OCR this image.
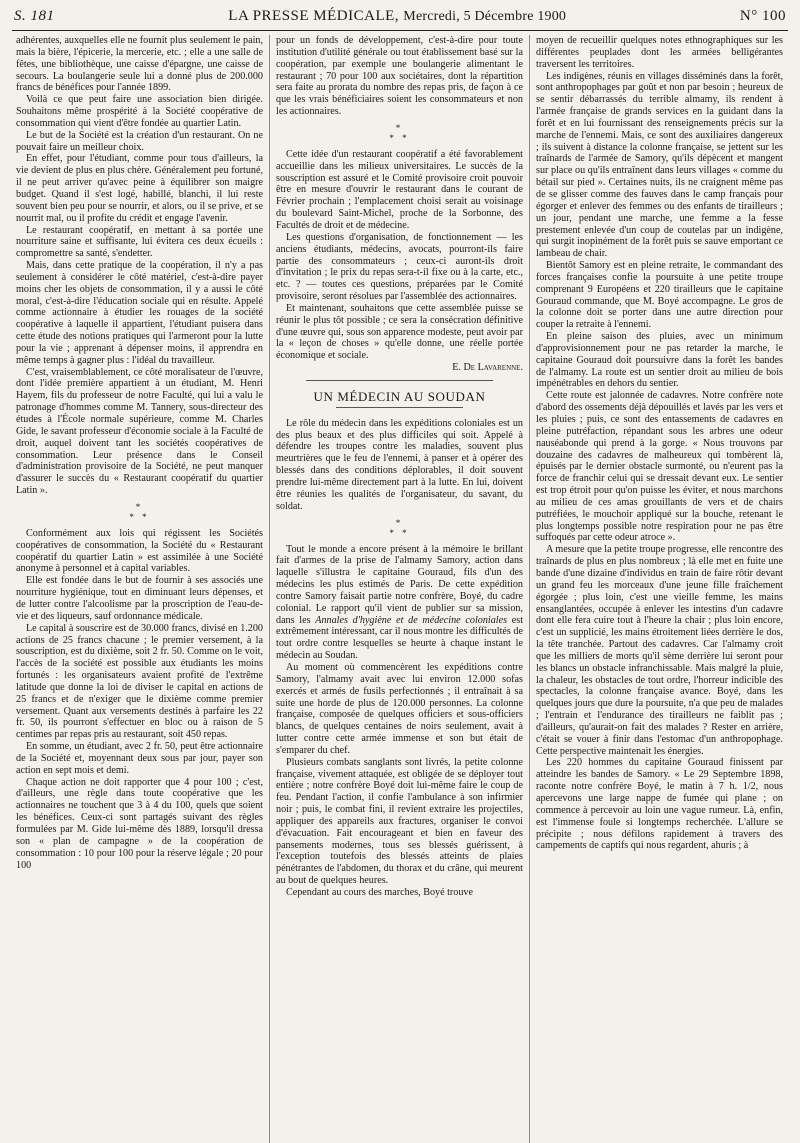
S. 181	LA PRESSE MÉDICALE, Mercredi, 5 Décembre 1900	N° 100

adhérentes, auxquelles elle ne fournit plus seulement le pain, mais la bière, l'épicerie, la mercerie, etc. ; elle a une salle de fêtes, une bibliothèque, une caisse d'épargne, une caisse de secours. La boulangerie seule lui a donné plus de 200.000 francs de bénéfices pour l'année 1899.

Voilà ce que peut faire une association bien dirigée. Souhaitons même prospérité à la Société coopérative de consommation qui vient d'être fondée au quartier Latin.

Le but de la Société est la création d'un restaurant. On ne pouvait faire un meilleur choix.

En effet, pour l'étudiant, comme pour tous d'ailleurs, la vie devient de plus en plus chère. Généralement peu fortuné, il ne peut arriver qu'avec peine à équilibrer son maigre budget. Quand il s'est logé, habillé, blanchi, il lui reste souvent bien peu pour se nourrir, et alors, ou il se prive, et se nourrit mal, ou il profite du crédit et engage l'avenir.

Le restaurant coopératif, en mettant à sa portée une nourriture saine et suffisante, lui évitera ces deux écueils : compromettre sa santé, s'endetter.

Mais, dans cette pratique de la coopération, il n'y a pas seulement à considérer le côté matériel, c'est-à-dire payer moins cher les objets de consommation, il y a aussi le côté moral, c'est-à-dire l'éducation sociale qui en résulte. Appelé comme actionnaire à étudier les rouages de la société coopérative à laquelle il appartient, l'étudiant puisera dans cette étude des notions pratiques qui l'armeront pour la lutte pour la vie ; apprenant à dépenser moins, il apprendra en même temps à gagner plus : l'idéal du travailleur.

C'est, vraisemblablement, ce côté moralisateur de l'œuvre, dont l'idée première appartient à un étudiant, M. Henri Hayem, fils du professeur de notre Faculté, qui lui a valu le patronage d'hommes comme M. Tannery, sous-directeur des études à l'École normale supérieure, comme M. Charles Gide, le savant professeur d'économie sociale à la Faculté de droit, auquel doivent tant les sociétés coopératives de consommation. Leur présence dans le Conseil d'administration provisoire de la Société, ne peut manquer d'assurer le succès du « Restaurant coopératif du quartier Latin ».

*
* *

Conformément aux lois qui régissent les Sociétés coopératives de consommation, la Société du « Restaurant coopératif du quartier Latin » est assimilée à une Société anonyme à personnel et à capital variables.

Elle est fondée dans le but de fournir à ses associés une nourriture hygiénique, tout en diminuant leurs dépenses, et de lutter contre l'alcoolisme par la proscription de l'eau-de-vie et des liqueurs, sauf ordonnance médicale.

Le capital à souscrire est de 30.000 francs, divisé en 1.200 actions de 25 francs chacune ; le premier versement, à la souscription, est du dixième, soit 2 fr. 50. Comme on le voit, l'accès de la société est possible aux étudiants les moins fortunés : les organisateurs avaient profité de l'extrême latitude que donne la loi de diviser le capital en actions de 25 francs et de n'exiger que le dixième comme premier versement. Quant aux versements destinés à parfaire les 22 fr. 50, ils pourront s'effectuer en bloc ou à raison de 5 centimes par repas pris au restaurant, soit 450 repas.

En somme, un étudiant, avec 2 fr. 50, peut être actionnaire de la Société et, moyennant deux sous par jour, payer son action en sept mois et demi.

Chaque action ne doit rapporter que 4 pour 100 ; c'est, d'ailleurs, une règle dans toute coopérative que les actionnaires ne touchent que 3 à 4 du 100, quels que soient les bénéfices. Ceux-ci sont partagés suivant des règles formulées par M. Gide lui-même dès 1889, lorsqu'il dressa son « plan de campagne » de la coopération de consommation : 10 pour 100 pour la réserve légale ; 20 pour 100

pour un fonds de développement, c'est-à-dire pour toute institution d'utilité générale ou tout établissement basé sur la coopération, par exemple une boulangerie alimentant le restaurant ; 70 pour 100 aux sociétaires, dont la répartition sera faite au prorata du nombre des repas pris, de façon à ce que les vrais bénéficiaires soient les consommateurs et non les actionnaires.

*
* *

Cette idée d'un restaurant coopératif a été favorablement accueillie dans les milieux universitaires. Le succès de la souscription est assuré et le Comité provisoire croit pouvoir être en mesure d'ouvrir le restaurant dans le courant de Février prochain ; l'emplacement choisi serait au voisinage du boulevard Saint-Michel, proche de la Sorbonne, des Facultés de droit et de médecine.

Les questions d'organisation, de fonctionnement — les anciens étudiants, médecins, avocats, pourront-ils faire partie des consommateurs ; ceux-ci auront-ils droit d'invitation ; le prix du repas sera-t-il fixe ou à la carte, etc., etc. ? — toutes ces questions, préparées par le Comité provisoire, seront résolues par l'assemblée des actionnaires.

Et maintenant, souhaitons que cette assemblée puisse se réunir le plus tôt possible ; ce sera la consécration définitive d'une œuvre qui, sous son apparence modeste, peut avoir par la « leçon de choses » qu'elle donne, une réelle portée économique et sociale.

E. De Lavarenne.

UN MÉDECIN AU SOUDAN

Le rôle du médecin dans les expéditions coloniales est un des plus beaux et des plus difficiles qui soit. Appelé à défendre les troupes contre les maladies, souvent plus meurtrières que le feu de l'ennemi, à panser et à opérer des blessés dans des conditions déplorables, il doit souvent prendre lui-même directement part à la lutte. En lui, doivent être réunies les qualités de l'organisateur, du savant, du soldat.

*
* *

Tout le monde a encore présent à la mémoire le brillant fait d'armes de la prise de l'almamy Samory, action dans laquelle s'illustra le capitaine Gouraud, fils d'un des médecins les plus estimés de Paris. De cette expédition contre Samory faisait partie notre confrère, Boyé, du cadre colonial. Le rapport qu'il vient de publier sur sa mission, dans les Annales d'hygiène et de médecine coloniales est extrêmement intéressant, car il nous montre les difficultés de tout ordre contre lesquelles se heurte à chaque instant le médecin au Soudan.

Au moment où commencèrent les expéditions contre Samory, l'almamy avait avec lui environ 12.000 sofas exercés et armés de fusils perfectionnés ; il entraînait à sa suite une horde de plus de 120.000 personnes. La colonne française, composée de quelques officiers et sous-officiers blancs, de quelques centaines de noirs seulement, avait à lutter contre cette armée immense et son but était de s'emparer du chef.

Plusieurs combats sanglants sont livrés, la petite colonne française, vivement attaquée, est obligée de se déployer tout entière ; notre confrère Boyé doit lui-même faire le coup de feu. Pendant l'action, il confie l'ambulance à son infirmier noir ; puis, le combat fini, il revient extraire les projectiles, appliquer des appareils aux fractures, organiser le convoi d'évacuation. Fait encourageant et bien en faveur des pansements modernes, tous ses blessés guérissent, à l'exception toutefois des blessés atteints de plaies pénétrantes de l'abdomen, du thorax et du crâne, qui meurent au bout de quelques heures.

Cependant au cours des marches, Boyé trouve

moyen de recueillir quelques notes ethnographiques sur les différentes peuplades dont les armées belligérantes traversent les territoires.

Les indigènes, réunis en villages disséminés dans la forêt, sont anthropophages par goût et non par besoin ; heureux de se sentir débarrassés du terrible almamy, ils rendent à l'armée française de grands services en la guidant dans la forêt et en lui fournissant des renseignements précis sur la marche de l'ennemi. Mais, ce sont des auxiliaires dangereux ; ils suivent à distance la colonne française, se jettent sur les traînards de l'armée de Samory, qu'ils dépècent et mangent sur place ou qu'ils entraînent dans leurs villages « comme du bétail sur pied ». Certaines nuits, ils ne craignent même pas de se glisser comme des fauves dans le camp français pour égorger et enlever des femmes ou des enfants de tirailleurs ; un jour, pendant une marche, une femme a la fesse prestement enlevée d'un coup de coutelas par un indigène, qui surgit inopinément de la forêt puis se sauve emportant ce lambeau de chair.

Bientôt Samory est en pleine retraite, le commandant des forces françaises confie la poursuite à une petite troupe comprenant 9 Européens et 220 tirailleurs que le capitaine Gouraud commande, que M. Boyé accompagne. Le gros de la colonne doit se porter dans une autre direction pour couper la retraite à l'ennemi.

En pleine saison des pluies, avec un minimum d'approvisionnement pour ne pas retarder la marche, le capitaine Gouraud doit poursuivre dans la forêt les bandes de l'almamy. La route est un sentier droit au milieu de bois impénétrables en dehors du sentier.

Cette route est jalonnée de cadavres. Notre confrère note d'abord des ossements déjà dépouillés et lavés par les vers et les pluies ; puis, ce sont des entassements de cadavres en pleine putréfaction, répandant sous les arbres une odeur nauséabonde qui prend à la gorge. « Nous trouvons par douzaine des cadavres de malheureux qui tombèrent là, épuisés par le dernier obstacle surmonté, ou n'eurent pas la force de franchir celui qui se dressait devant eux. Le sentier est trop étroit pour qu'on puisse les éviter, et nous marchons au milieu de ces amas grouillants de vers et de chairs putréfiées, le mouchoir appliqué sur la bouche, retenant le plus longtemps possible notre respiration pour ne pas être suffoqués par cette odeur atroce ».

A mesure que la petite troupe progresse, elle rencontre des traînards de plus en plus nombreux ; là elle met en fuite une bande d'une dizaine d'individus en train de faire rôtir devant un grand feu les morceaux d'une jeune fille fraîchement égorgée ; plus loin, c'est une vieille femme, les mains ensanglantées, occupée à enlever les intestins d'un cadavre dont elle fera cuire tout à l'heure la chair ; plus loin encore, c'est un supplicié, les mains étroitement liées derrière le dos, la tête tranchée. Partout des cadavres. Car l'almamy croit que les milliers de morts qu'il sème derrière lui seront pour les blancs un obstacle infranchissable. Mais malgré la pluie, la chaleur, les obstacles de tout ordre, l'horreur indicible des spectacles, la colonne française avance. Boyé, dans les quelques jours que dure la poursuite, n'a que peu de malades ; l'entrain et l'endurance des tirailleurs ne faiblit pas ; d'ailleurs, qu'aurait-on fait des malades ? Rester en arrière, c'était se vouer à finir dans l'estomac d'un anthropophage. Cette perspective maintenait les énergies.

Les 220 hommes du capitaine Gouraud finissent par atteindre les bandes de Samory. « Le 29 Septembre 1898, raconte notre confrère Boyé, le matin à 7 h. 1/2, nous apercevons une large nappe de fumée qui plane ; on commence à percevoir au loin une vague rumeur. Là, enfin, est l'immense foule si longtemps recherchée. L'allure se précipite ; nous défilons rapidement à travers des campements de captifs qui nous regardent, ahuris ; à
